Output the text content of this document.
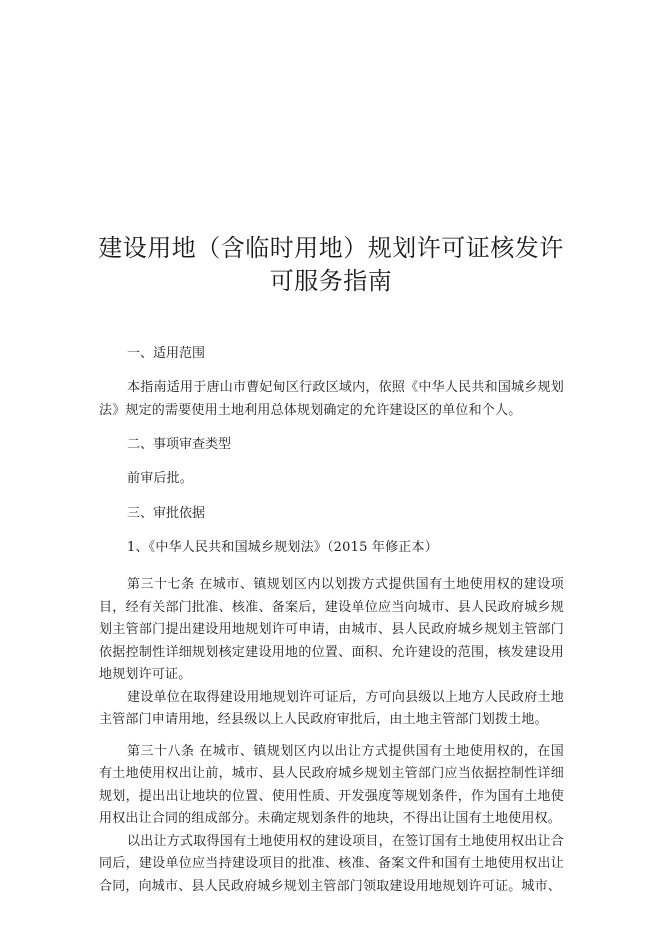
建设用地（含临时用地）规划许可证核发许
可服务指南

一、适用范围

本指南适用于唐山市曹妃甸区行政区域内，依照《中华人民共和国城乡规划法》规定的需要使用土地利用总体规划确定的允许建设区的单位和个人。

二、事项审查类型

前审后批。

三、审批依据

1、《中华人民共和国城乡规划法》（2015 年修正本）

第三十七条 在城市、镇规划区内以划拨方式提供国有土地使用权的建设项目，经有关部门批准、核准、备案后，建设单位应当向城市、县人民政府城乡规划主管部门提出建设用地规划许可申请，由城市、县人民政府城乡规划主管部门依据控制性详细规划核定建设用地的位置、面积、允许建设的范围，核发建设用地规划许可证。

建设单位在取得建设用地规划许可证后，方可向县级以上地方人民政府土地主管部门申请用地，经县级以上人民政府审批后，由土地主管部门划拨土地。

第三十八条 在城市、镇规划区内以出让方式提供国有土地使用权的，在国有土地使用权出让前，城市、县人民政府城乡规划主管部门应当依据控制性详细规划，提出出让地块的位置、使用性质、开发强度等规划条件，作为国有土地使用权出让合同的组成部分。未确定规划条件的地块，不得出让国有土地使用权。

以出让方式取得国有土地使用权的建设项目，在签订国有土地使用权出让合同后，建设单位应当持建设项目的批准、核准、备案文件和国有土地使用权出让合同，向城市、县人民政府城乡规划主管部门领取建设用地规划许可证。城市、
